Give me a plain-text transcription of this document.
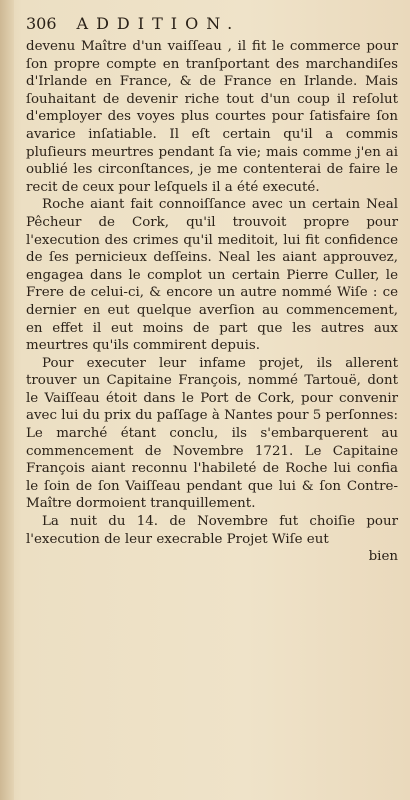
306 ADDITION.

devenu Maître d'un vaiſſeau , il fit le commerce pour ſon propre compte en tranſportant des marchandiſes d'Irlande en France, & de France en Irlande. Mais ſouhaitant de devenir riche tout d'un coup il reſolut d'employer des voyes plus courtes pour ſatisfaire ſon avarice inſatiable. Il eſt certain qu'il a commis pluſieurs meurtres pendant ſa vie; mais comme j'en ai oublié les circonſtances, je me contenterai de faire le recit de ceux pour leſquels il a été executé.

Roche aiant fait connoiſſance avec un certain Neal Pêcheur de Cork, qu'il trouvoit propre pour l'execution des crimes qu'il meditoit, lui fit confidence de ſes pernicieux deſſeins. Neal les aiant approuvez, engagea dans le complot un certain Pierre Culler, le Frere de celui-ci, & encore un autre nommé Wiſe : ce dernier en eut quelque averſion au commencement, en effet il eut moins de part que les autres aux meurtres qu'ils commirent depuis.

Pour executer leur infame projet, ils allerent trouver un Capitaine François, nommé Tartouë, dont le Vaiſſeau étoit dans le Port de Cork, pour convenir avec lui du prix du paſſage à Nantes pour 5 perſonnes: Le marché étant conclu, ils s'embarquerent au commencement de Novembre 1721. Le Capitaine François aiant reconnu l'habileté de Roche lui confia le ſoin de ſon Vaiſſeau pendant que lui & ſon Contre-Maître dormoient tranquillement.

La nuit du 14. de Novembre fut choiſie pour l'execution de leur execrable Projet Wiſe eut

bien
